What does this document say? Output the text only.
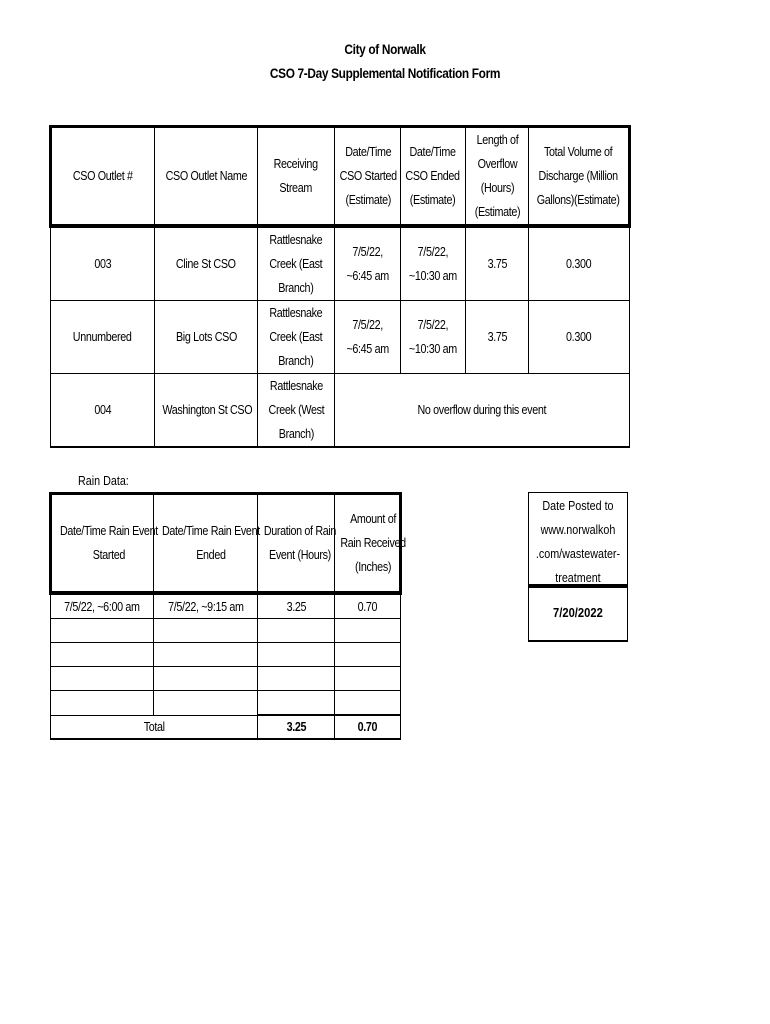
City of Norwalk
CSO 7-Day Supplemental Notification Form
CSO Outlet #	CSO Outlet Name	Receiving
Stream	Date/Time
CSO Started
(Estimate)	Date/Time
CSO Ended
(Estimate)	Length of
Overflow
(Hours)
(Estimate)	Total Volume of
Discharge (Million
Gallons)(Estimate)
003	Cline St CSO	Rattlesnake
Creek (East
Branch)	7/5/22,
~6:45 am	7/5/22,
~10:30 am	3.75	0.300
Unnumbered	Big Lots CSO	Rattlesnake
Creek (East
Branch)	7/5/22,
~6:45 am	7/5/22,
~10:30 am	3.75	0.300
004	Washington St CSO	Rattlesnake
Creek (West
Branch)	No overflow during this event			
Rain Data:
Date/Time Rain Event
Started	Date/Time Rain Event
Ended	Duration of Rain
Event (Hours)	Amount of
Rain Received
(Inches)
7/5/22, ~6:00 am	7/5/22, ~9:15 am	3.25	0.70

Total		3.25	0.70
Date Posted to
www.norwalkoh
.com/wastewater-
treatment
7/20/2022
